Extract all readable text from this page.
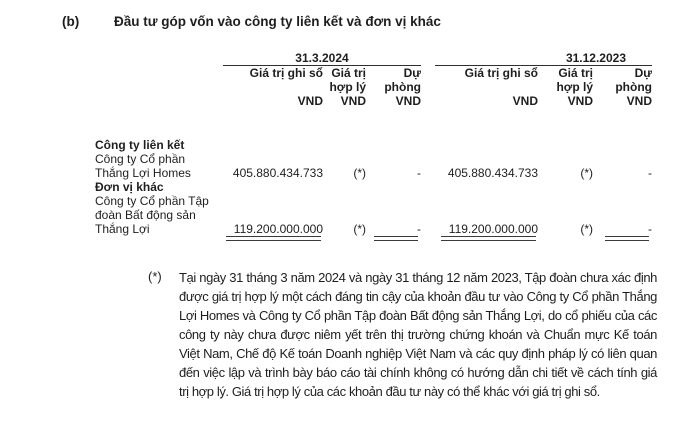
(b)	Đầu tư góp vốn vào công ty liên kết và đơn vị khác
	31.3.2024				31.12.2023		
	Giá trị ghi sổ	Giá trị	Dự		Giá trị ghi sổ	Giá trị	Dự
		hợp lý	phòng			hợp lý	phòng
	VND	VND	VND		VND	VND	VND

Công ty liên kết							
Công ty Cổ phần							
Thắng Lợi Homes	405.880.434.733	(*)	-		405.880.434.733	(*)	-
Đơn vị khác							
Công ty Cổ phần Tập							
đoàn Bất động sản							
Thắng Lợi	119.200.000.000	(*)	-		119.200.000.000	(*)	-

(*) Tại ngày 31 tháng 3 năm 2024 và ngày 31 tháng 12 năm 2023, Tập đoàn chưa xác định được giá trị hợp lý một cách đáng tin cậy của khoản đầu tư vào Công ty Cổ phần Thắng Lợi Homes và Công ty Cổ phần Tập đoàn Bất động sản Thắng Lợi, do cổ phiếu của các công ty này chưa được niêm yết trên thị trường chứng khoán và Chuẩn mực Kế toán Việt Nam, Chế độ Kế toán Doanh nghiệp Việt Nam và các quy định pháp lý có liên quan đến việc lập và trình bày báo cáo tài chính không có hướng dẫn chi tiết về cách tính giá trị hợp lý. Giá trị hợp lý của các khoản đầu tư này có thể khác với giá trị ghi sổ.
